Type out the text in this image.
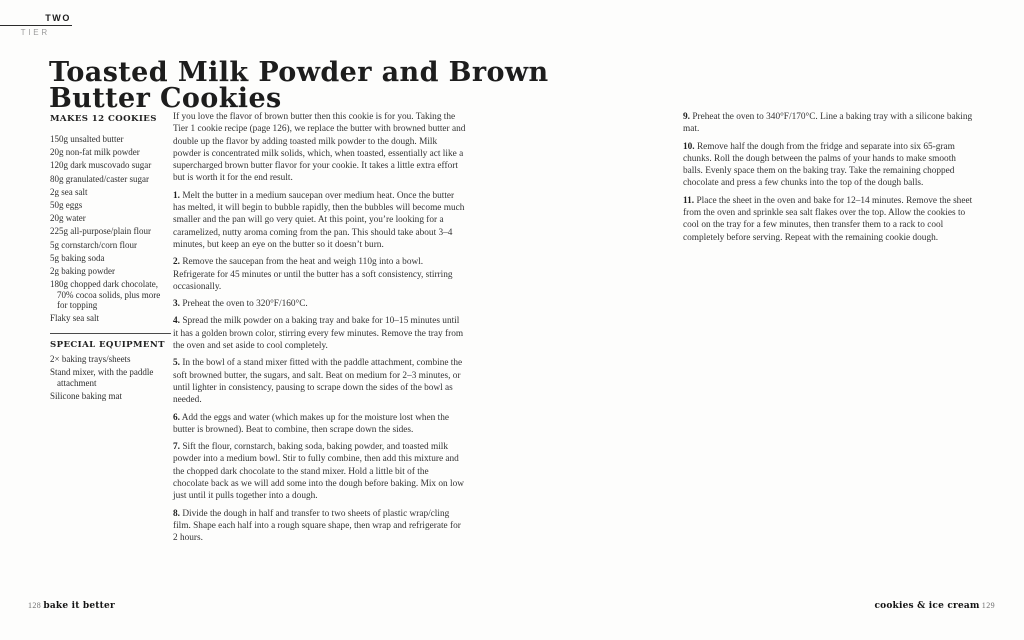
TWO
TIER
Toasted Milk Powder and Brown
Butter Cookies
MAKES 12 COOKIES
150g unsalted butter
20g non-fat milk powder
120g dark muscovado sugar
80g granulated/caster sugar
2g sea salt
50g eggs
20g water
225g all-purpose/plain flour
5g cornstarch/corn flour
5g baking soda
2g baking powder
180g chopped dark chocolate, 70% cocoa solids, plus more for topping
Flaky sea salt
SPECIAL EQUIPMENT
2× baking trays/sheets
Stand mixer, with the paddle attachment
Silicone baking mat

If you love the flavor of brown butter then this cookie is for you. Taking the Tier 1 cookie recipe (page 126), we replace the butter with browned butter and double up the flavor by adding toasted milk powder to the dough. Milk powder is concentrated milk solids, which, when toasted, essentially act like a supercharged brown butter flavor for your cookie. It takes a little extra effort but is worth it for the end result.

1. Melt the butter in a medium saucepan over medium heat. Once the butter has melted, it will begin to bubble rapidly, then the bubbles will become much smaller and the pan will go very quiet. At this point, you’re looking for a caramelized, nutty aroma coming from the pan. This should take about 3–4 minutes, but keep an eye on the butter so it doesn’t burn.

2. Remove the saucepan from the heat and weigh 110g into a bowl. Refrigerate for 45 minutes or until the butter has a soft consistency, stirring occasionally.

3. Preheat the oven to 320°F/160°C.

4. Spread the milk powder on a baking tray and bake for 10–15 minutes until it has a golden brown color, stirring every few minutes. Remove the tray from the oven and set aside to cool completely.

5. In the bowl of a stand mixer fitted with the paddle attachment, combine the soft browned butter, the sugars, and salt. Beat on medium for 2–3 minutes, or until lighter in consistency, pausing to scrape down the sides of the bowl as needed.

6. Add the eggs and water (which makes up for the moisture lost when the butter is browned). Beat to combine, then scrape down the sides.

7. Sift the flour, cornstarch, baking soda, baking powder, and toasted milk powder into a medium bowl. Stir to fully combine, then add this mixture and the chopped dark chocolate to the stand mixer. Hold a little bit of the chocolate back as we will add some into the dough before baking. Mix on low just until it pulls together into a dough.

8. Divide the dough in half and transfer to two sheets of plastic wrap/cling film. Shape each half into a rough square shape, then wrap and refrigerate for 2 hours.

9. Preheat the oven to 340°F/170°C. Line a baking tray with a silicone baking mat.

10. Remove half the dough from the fridge and separate into six 65-gram chunks. Roll the dough between the palms of your hands to make smooth balls. Evenly space them on the baking tray. Take the remaining chopped chocolate and press a few chunks into the top of the dough balls.

11. Place the sheet in the oven and bake for 12–14 minutes. Remove the sheet from the oven and sprinkle sea salt flakes over the top. Allow the cookies to cool on the tray for a few minutes, then transfer them to a rack to cool completely before serving. Repeat with the remaining cookie dough.

128 bake it better	cookies & ice cream 129
